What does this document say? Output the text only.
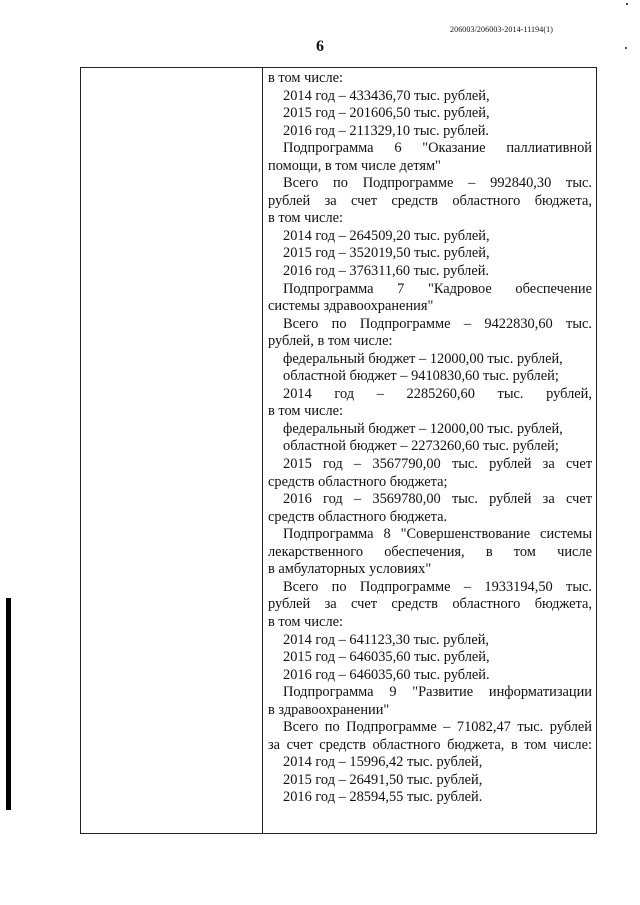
206003/206003-2014-11194(1)
6
в том числе:
2014 год – 433436,70 тыс. рублей,
2015 год – 201606,50 тыс. рублей,
2016 год – 211329,10 тыс. рублей.
Подпрограмма 6 "Оказание паллиативной
помощи, в том числе детям"
Всего по Подпрограмме – 992840,30 тыс.
рублей за счет средств областного бюджета,
в том числе:
2014 год – 264509,20 тыс. рублей,
2015 год – 352019,50 тыс. рублей,
2016 год – 376311,60 тыс. рублей.
Подпрограмма 7 "Кадровое обеспечение
системы здравоохранения"
Всего по Подпрограмме – 9422830,60 тыс.
рублей, в том числе:
федеральный бюджет – 12000,00 тыс. рублей,
областной бюджет – 9410830,60 тыс. рублей;
2014 год – 2285260,60 тыс. рублей,
в том числе:
федеральный бюджет – 12000,00 тыс. рублей,
областной бюджет – 2273260,60 тыс. рублей;
2015 год – 3567790,00 тыс. рублей за счет
средств областного бюджета;
2016 год – 3569780,00 тыс. рублей за счет
средств областного бюджета.
Подпрограмма 8 "Совершенствование системы
лекарственного обеспечения, в том числе
в амбулаторных условиях"
Всего по Подпрограмме – 1933194,50 тыс.
рублей за счет средств областного бюджета,
в том числе:
2014 год – 641123,30 тыс. рублей,
2015 год – 646035,60 тыс. рублей,
2016 год – 646035,60 тыс. рублей.
Подпрограмма 9 "Развитие информатизации
в здравоохранении"
Всего по Подпрограмме – 71082,47 тыс. рублей
за счет средств областного бюджета, в том числе:
2014 год – 15996,42 тыс. рублей,
2015 год – 26491,50 тыс. рублей,
2016 год – 28594,55 тыс. рублей.
